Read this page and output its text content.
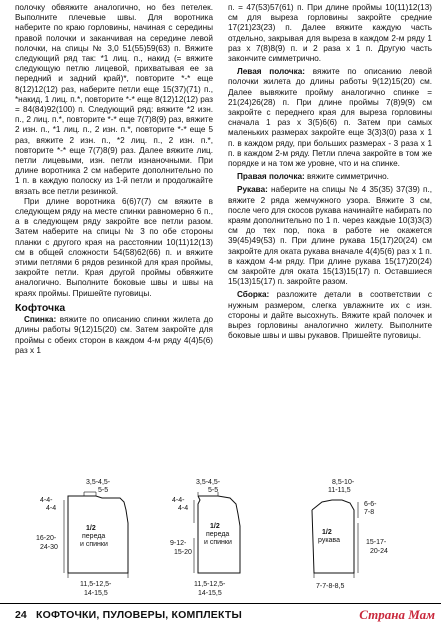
полочку обвяжите аналогично, но без петелек. Выполните плечевые швы. Для воротника наберите по краю горловины, начиная с середины правой полочки и заканчивая на середине левой полочки, на спицы № 3,0 51(55)59(63) п. Вяжите следующий ряд так: *1 лиц. п., накид (= вяжите следующую петлю лицевой, прихватывая ее за передний и задний край)*, повторите *-* еще 8(12)12(12) раз, наберите петли еще 15(37)(71) п., *накид, 1 лиц. п.*, повторите *-* еще 8(12)12(12) раз = 84(84)92(100) п. Следующий ряд: вяжите *2 изн. п., 2 лиц. п.*, повторите *-* еще 7(7)8(9) раз, вяжите 2 изн. п., *1 лиц. п., 2 изн. п.*, повторите *-* еще 5 раз, вяжите 2 изн. п., *2 лиц. п., 2 изн. п.*, повторите *-* еще 7(7)8(9) раз. Далее вяжите лиц. петли лицевыми, изн. петли изнаночными. При длине воротника 2 см наберите дополнительно по 1 п. в каждую полоску из 1-й петли и продолжайте вязать все петли резинкой.

При длине воротника 6(6)7(7) см вяжите в следующем ряду на месте спинки равномерно 6 п., а в следующем ряду закройте все петли разом. Затем наберите на спицы № 3 по обе стороны планки с другого края на расстоянии 10(11)12(13) см в общей сложности 54(58)62(66) п. и вяжите этими петлями 6 рядов резинкой для края проймы, закройте петли. Края другой проймы обвяжите аналогично. Выполните боковые швы и швы на краях проймы. Пришейте пуговицы.

Кофточка

Спинка: вяжите по описанию спинки жилета до длины работы 9(12)15(20) см. Затем закройте для проймы с обеих сторон в каждом 4-м ряду 4(4)5(6) раз x 1

п. = 47(53)57(61) п. При длине проймы 10(11)12(13) см для выреза горловины закройте средние 17(21)23(23) п. Далее вяжите каждую часть отдельно, закрывая для выреза в каждом 2-м ряду 1 раз x 7(8)8(9) п. и 2 раза x 1 п. Другую часть закончите симметрично.

Левая полочка: вяжите по описанию левой полочки жилета до длины работы 9(12)15(20) см. Далее вывяжите пройму аналогично спинке = 21(24)26(28) п. При длине проймы 7(8)9(9) см закройте с переднего края для выреза горловины сначала 1 раз x 3(5)6(6) п. Затем при самых маленьких размерах закройте еще 3(3)3(0) раза x 1 п. в каждом ряду, при больших размерах - 3 раза x 1 п. в каждом 2-м ряду. Петли плеча закройте в том же порядке и на том же уровне, что и на спинке.

Правая полочка: вяжите симметрично.

Рукава: наберите на спицы № 4 35(35) 37(39) п., вяжите 2 ряда жемчужного узора. Вяжите 3 см, после чего для скосов рукава начинайте набирать по краям дополнительно по 1 п. через каждые 10(3)3(3) см до тех пор, пока в работе не окажется 39(45)49(53) п. При длине рукава 15(17)20(24) см закройте для оката рукава вначале 4(4)5(6) раз x 1 п. в каждом 4-м ряду. При длине рукава 15(17)20(24) см закройте для оката 15(13)15(17) п. Оставшиеся 15(13)15(17) п. закройте разом.

Сборка: разложите детали в соответствии с нужным размером, слегка увлажните их с изн. стороны и дайте высохнуть. Вяжите край полочек и вырез горловины аналогично жилету. Выполните боковые швы и швы рукавов. Пришейте пуговицы.

3,5-4,5-
5-5
4-4-
4-4
16-20-
24-30
1/2
переда
и спинки
11,5-12,5-
14-15,5
3,5-4,5-
5-5
4-4-
4-4
9-12-
15-20
1/2
переда
и спинки
11,5-12,5-
14-15,5
8,5-10-
11-11,5
6-6-
7-8
15-17-
20-24
1/2
рукава
7-7-8-8,5
24 КОФТОЧКИ, ПУЛОВЕРЫ, КОМПЛЕКТЫ	Страна Мам
